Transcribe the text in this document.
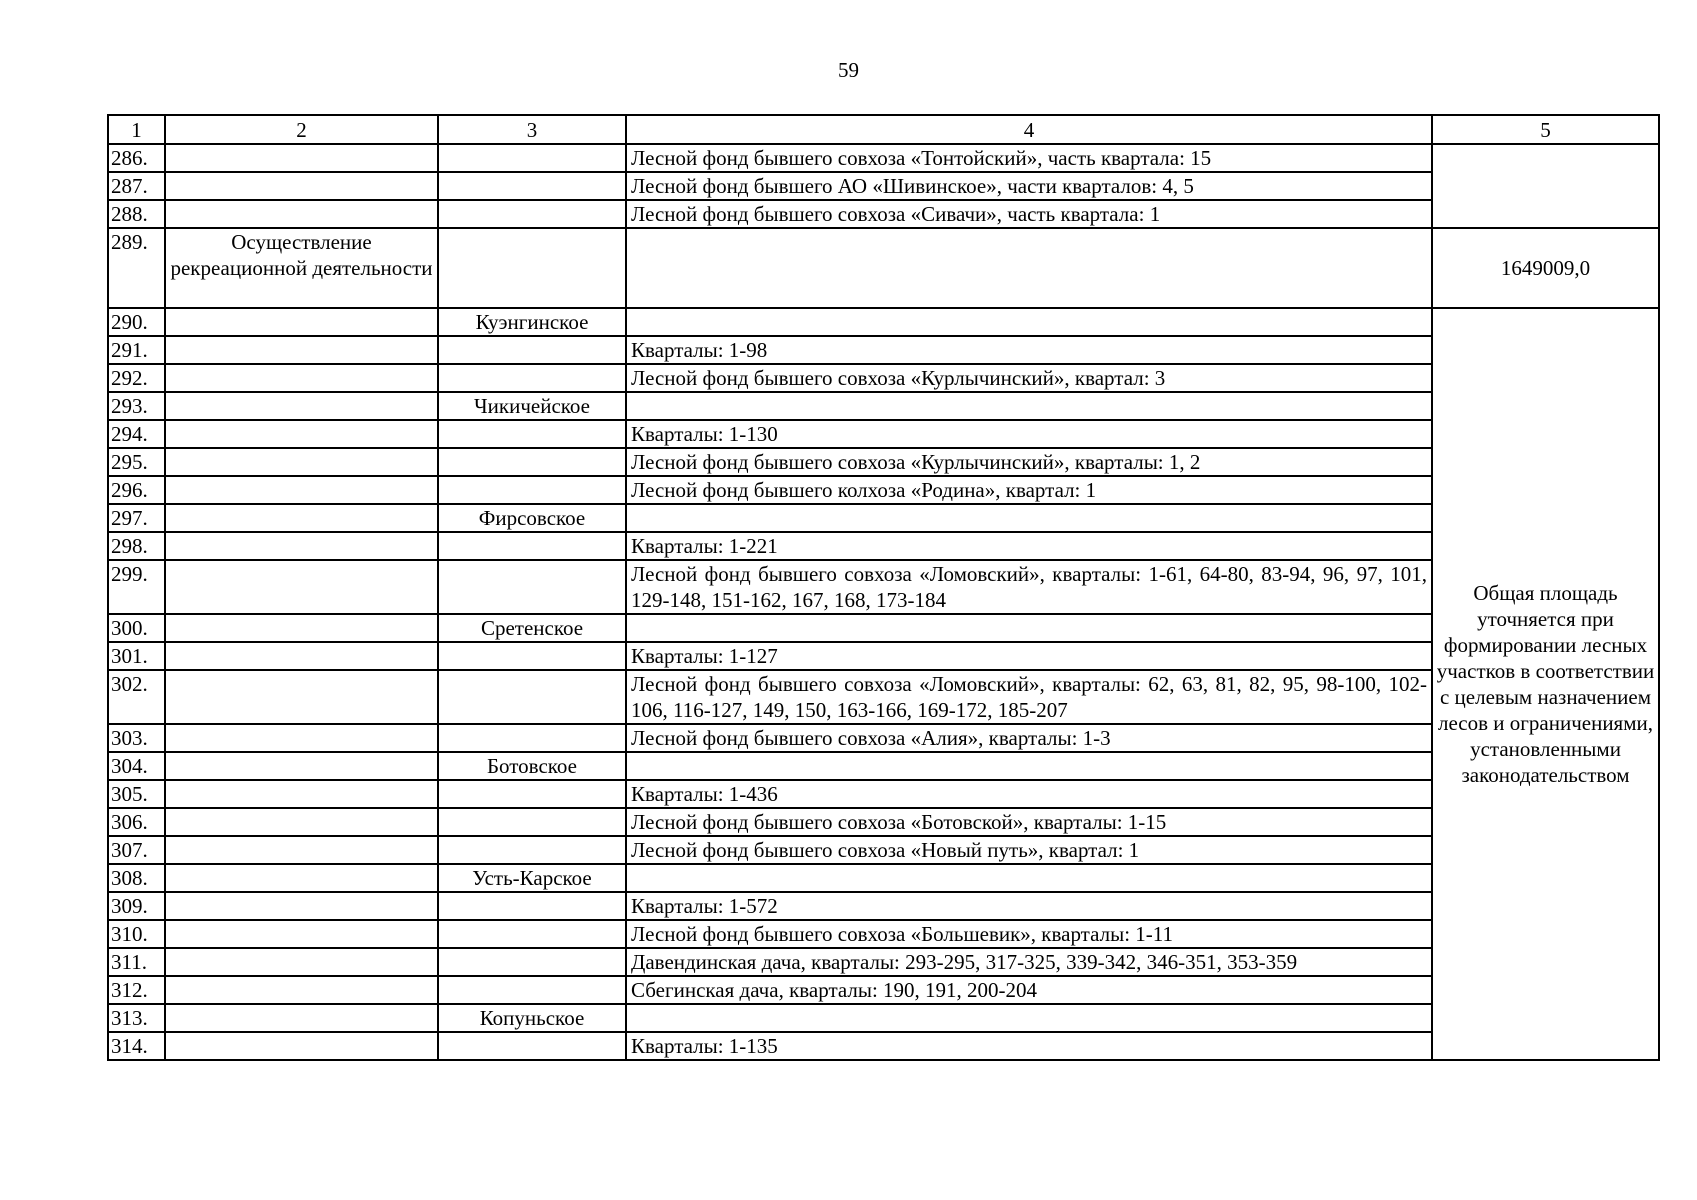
59
1	2	3	4	5
286.			Лесной фонд бывшего совхоза «Тонтойский», часть квартала: 15	
287.			Лесной фонд бывшего АО «Шивинское», части кварталов: 4, 5	
288.			Лесной фонд бывшего совхоза «Сивачи», часть квартала: 1	
289.	Осуществление рекреационной деятельности			1649009,0
290.		Куэнгинское		Общая площадь уточняется при формировании лесных участков в соответствии с целевым назначением лесов и ограничениями, установленными законодательством
291.			Кварталы: 1-98	
292.			Лесной фонд бывшего совхоза «Курлычинский», квартал: 3	
293.		Чикичейское		
294.			Кварталы: 1-130	
295.			Лесной фонд бывшего совхоза «Курлычинский», кварталы: 1, 2	
296.			Лесной фонд бывшего колхоза «Родина», квартал: 1	
297.		Фирсовское		
298.			Кварталы: 1-221	
299.			Лесной фонд бывшего совхоза «Ломовский», кварталы: 1-61, 64-80, 83-94, 96, 97, 101, 129-148, 151-162, 167, 168, 173-184	
300.		Сретенское		
301.			Кварталы: 1-127	
302.			Лесной фонд бывшего совхоза «Ломовский», кварталы: 62, 63, 81, 82, 95, 98-100, 102-106, 116-127, 149, 150, 163-166, 169-172, 185-207	
303.			Лесной фонд бывшего совхоза «Алия», кварталы: 1-3	
304.		Ботовское		
305.			Кварталы: 1-436	
306.			Лесной фонд бывшего совхоза «Ботовской», кварталы: 1-15	
307.			Лесной фонд бывшего совхоза «Новый путь», квартал: 1	
308.		Усть-Карское		
309.			Кварталы: 1-572	
310.			Лесной фонд бывшего совхоза «Большевик», кварталы: 1-11	
311.			Давендинская дача, кварталы: 293-295, 317-325, 339-342, 346-351, 353-359	
312.			Сбегинская дача, кварталы: 190, 191, 200-204	
313.		Копуньское		
314.			Кварталы: 1-135	
